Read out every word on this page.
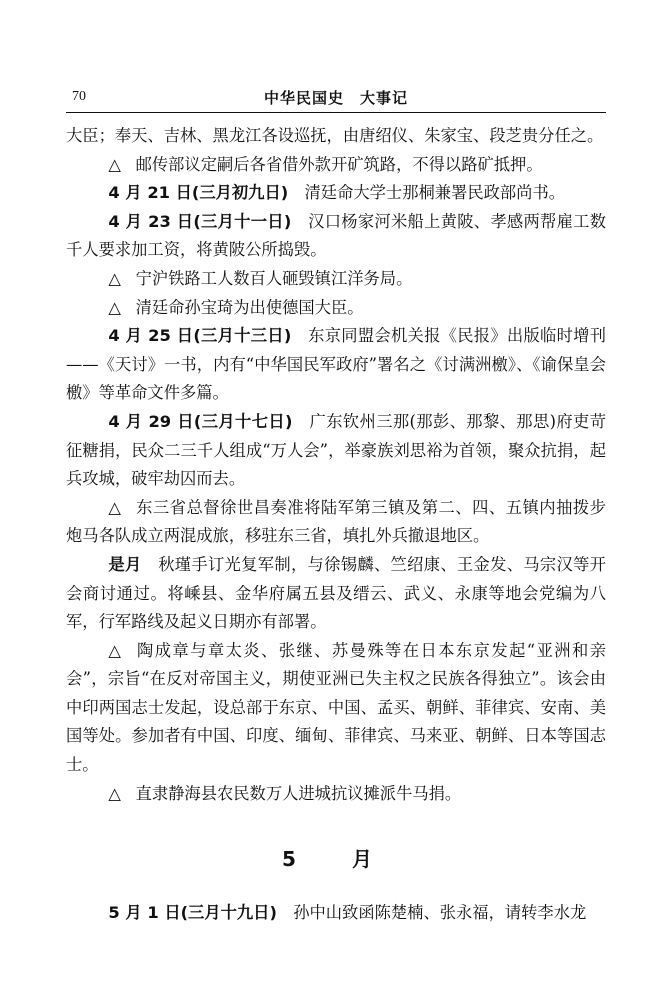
70	中华民国史　大事记

大臣；奉天、吉林、黑龙江各设巡抚，由唐绍仪、朱家宝、段芝贵分任之。

△ 邮传部议定嗣后各省借外款开矿筑路，不得以路矿抵押。

4 月 21 日(三月初九日)　 清廷命大学士那桐兼署民政部尚书。

4 月 23 日(三月十一日)　 汉口杨家河米船上黄陂、孝感两帮雇工数千人要求加工资，将黄陂公所捣毁。

△ 宁沪铁路工人数百人砸毁镇江洋务局。

△ 清廷命孙宝琦为出使德国大臣。

4 月 25 日(三月十三日)　 东京同盟会机关报《民报》出版临时增刊——《天讨》一书，内有“中华国民军政府”署名之《讨满洲檄》、《谕保皇会檄》等革命文件多篇。

4 月 29 日(三月十七日)　 广东钦州三那(那彭、那黎、那思)府吏苛征糖捐，民众二三千人组成“万人会”，举豪族刘思裕为首领，聚众抗捐，起兵攻城，破牢劫囚而去。

△ 东三省总督徐世昌奏准将陆军第三镇及第二、四、五镇内抽拨步炮马各队成立两混成旅，移驻东三省，填扎外兵撤退地区。

是月　 秋瑾手订光复军制，与徐锡麟、竺绍康、王金发、马宗汉等开会商讨通过。将嵊县、金华府属五县及缙云、武义、永康等地会党编为八军，行军路线及起义日期亦有部署。

△ 陶成章与章太炎、张继、苏曼殊等在日本东京发起“亚洲和亲会”，宗旨“在反对帝国主义，期使亚洲已失主权之民族各得独立”。该会由中印两国志士发起，设总部于东京、中国、孟买、朝鲜、菲律宾、安南、美国等处。参加者有中国、印度、缅甸、菲律宾、马来亚、朝鲜、日本等国志士。

△ 直隶静海县农民数万人进城抗议摊派牛马捐。

5　月

5 月 1 日(三月十九日)　 孙中山致函陈楚楠、张永福，请转李水龙
